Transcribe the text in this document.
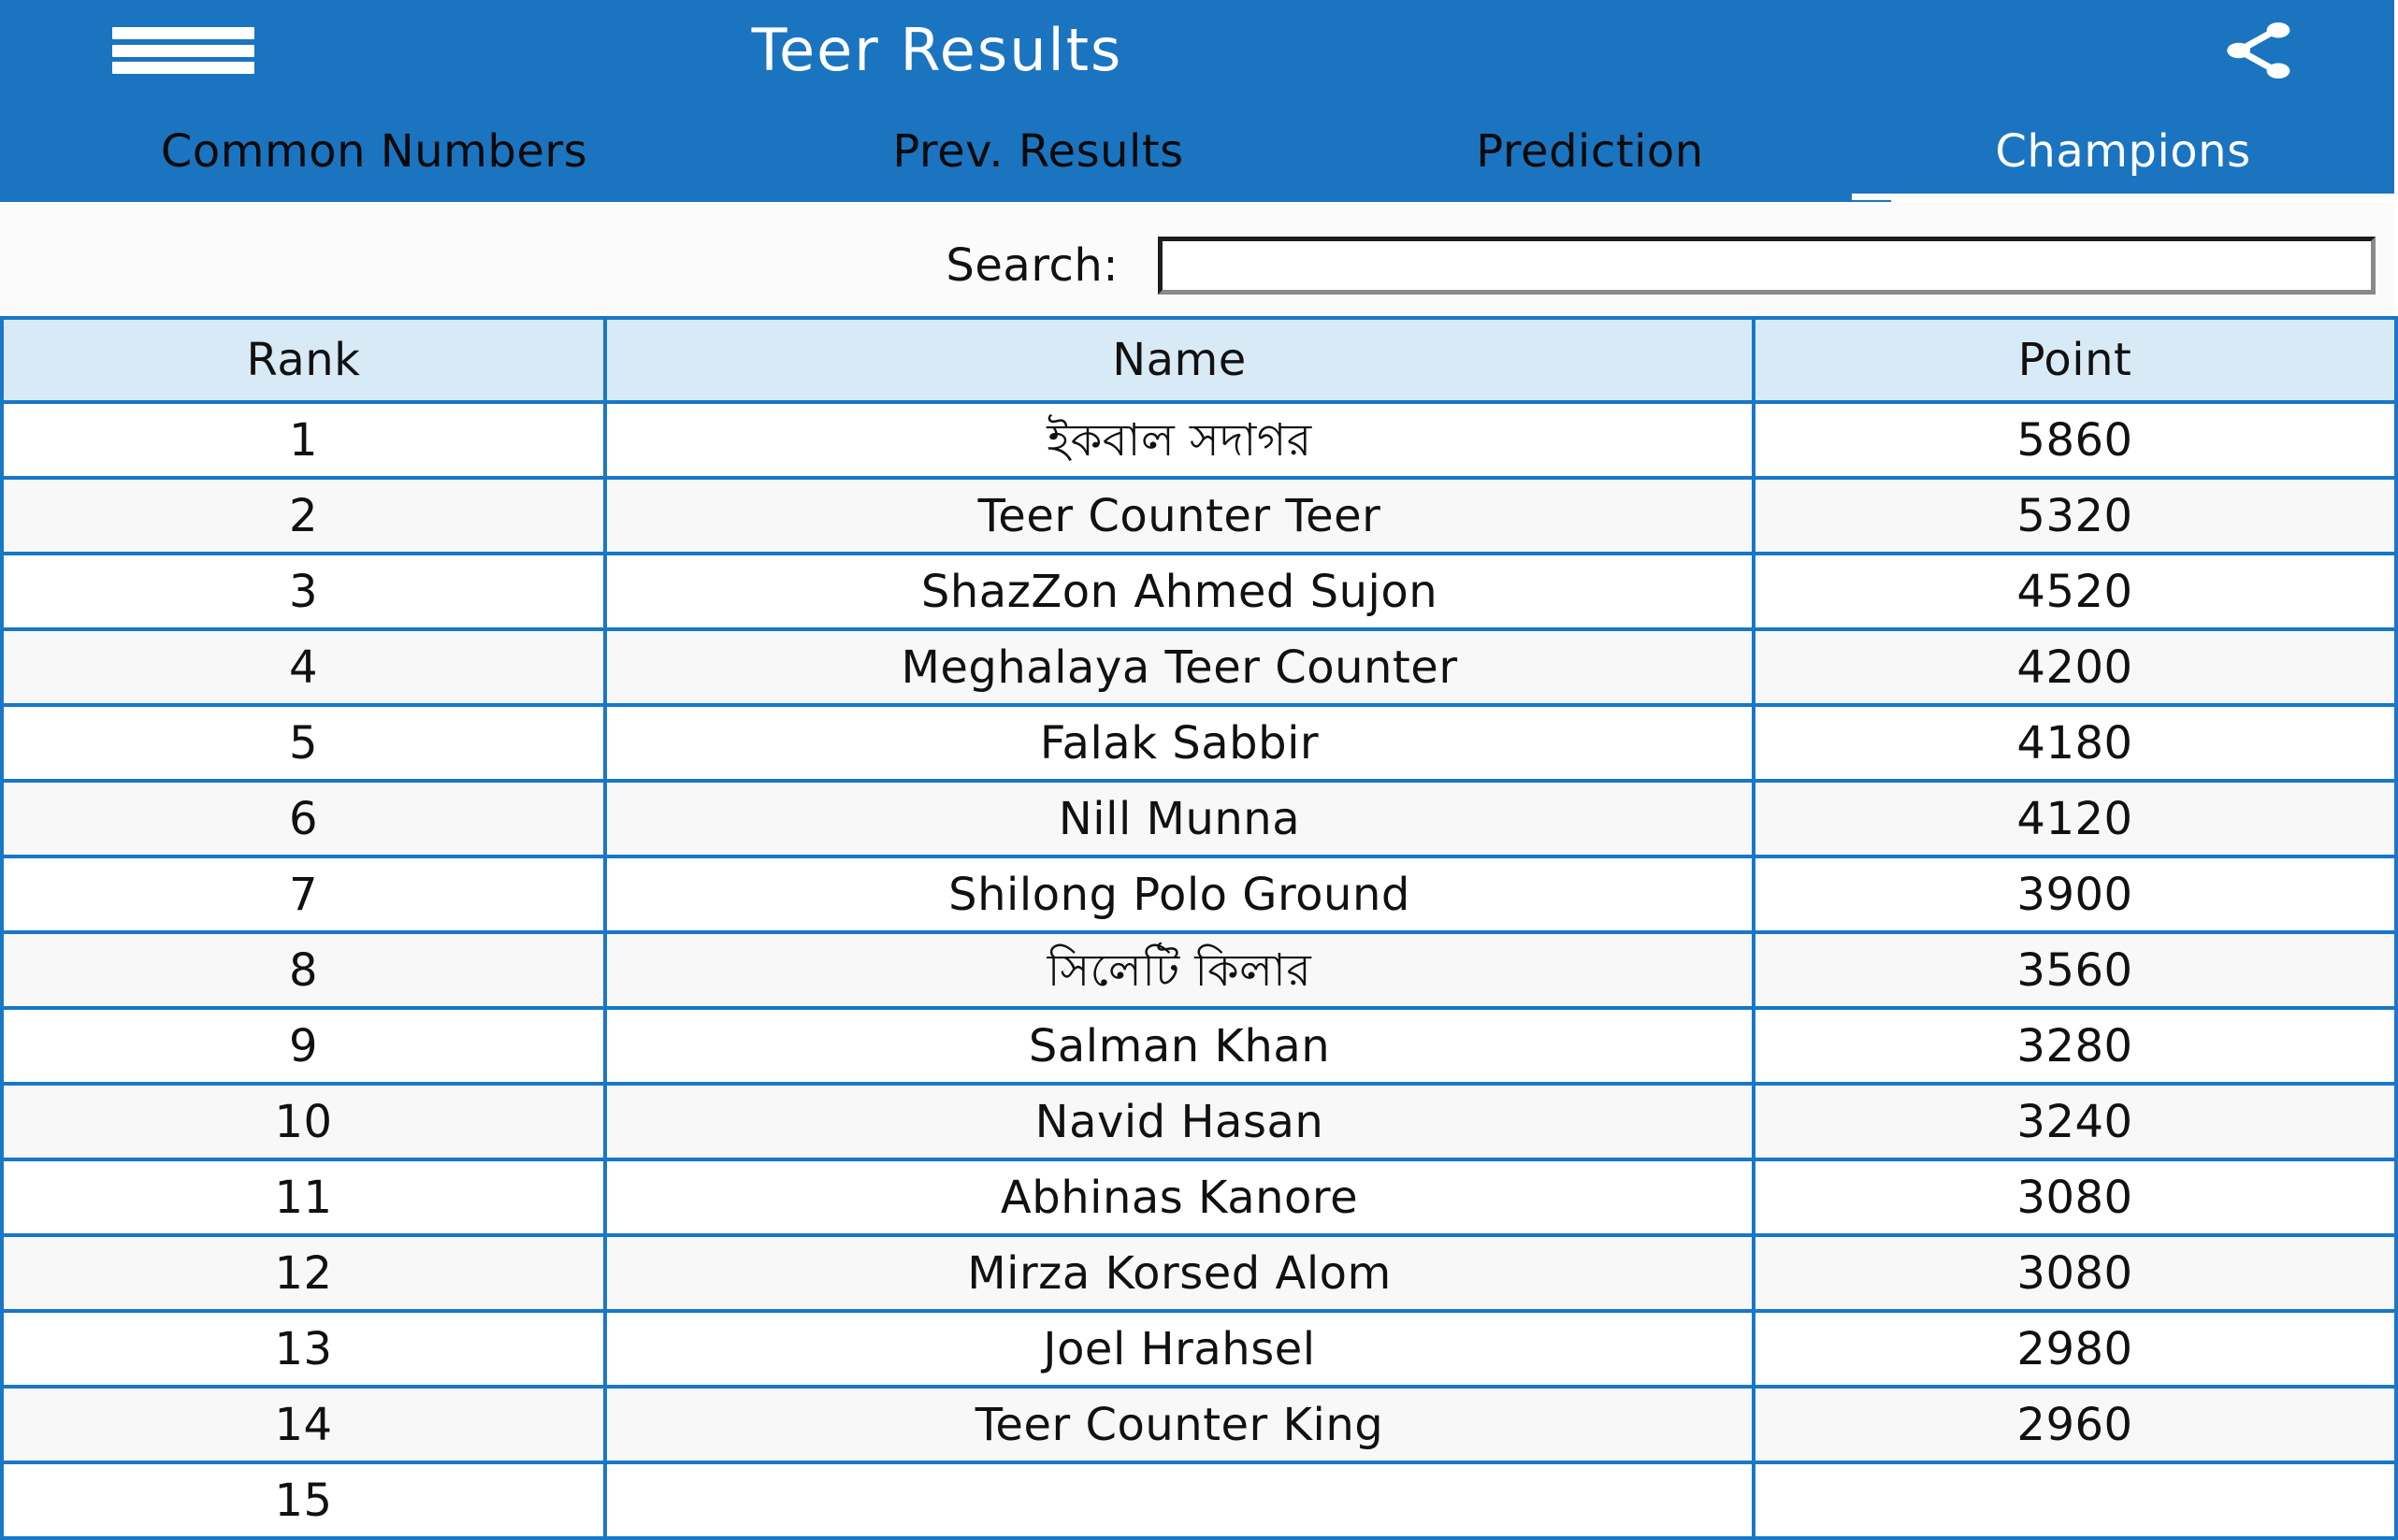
Teer Results
Common Numbers	Prev. Results	Prediction	Champions
Search:
Rank	Name	Point
1	ইকবাল সদাগর	5860
2	Teer Counter Teer	5320
3	ShazZon Ahmed Sujon	4520
4	Meghalaya Teer Counter	4200
5	Falak Sabbir	4180
6	Nill Munna	4120
7	Shilong Polo Ground	3900
8	সিলেটি কিলার	3560
9	Salman Khan	3280
10	Navid Hasan	3240
11	Abhinas Kanore	3080
12	Mirza Korsed Alom	3080
13	Joel Hrahsel	2980
14	Teer Counter King	2960
15		
